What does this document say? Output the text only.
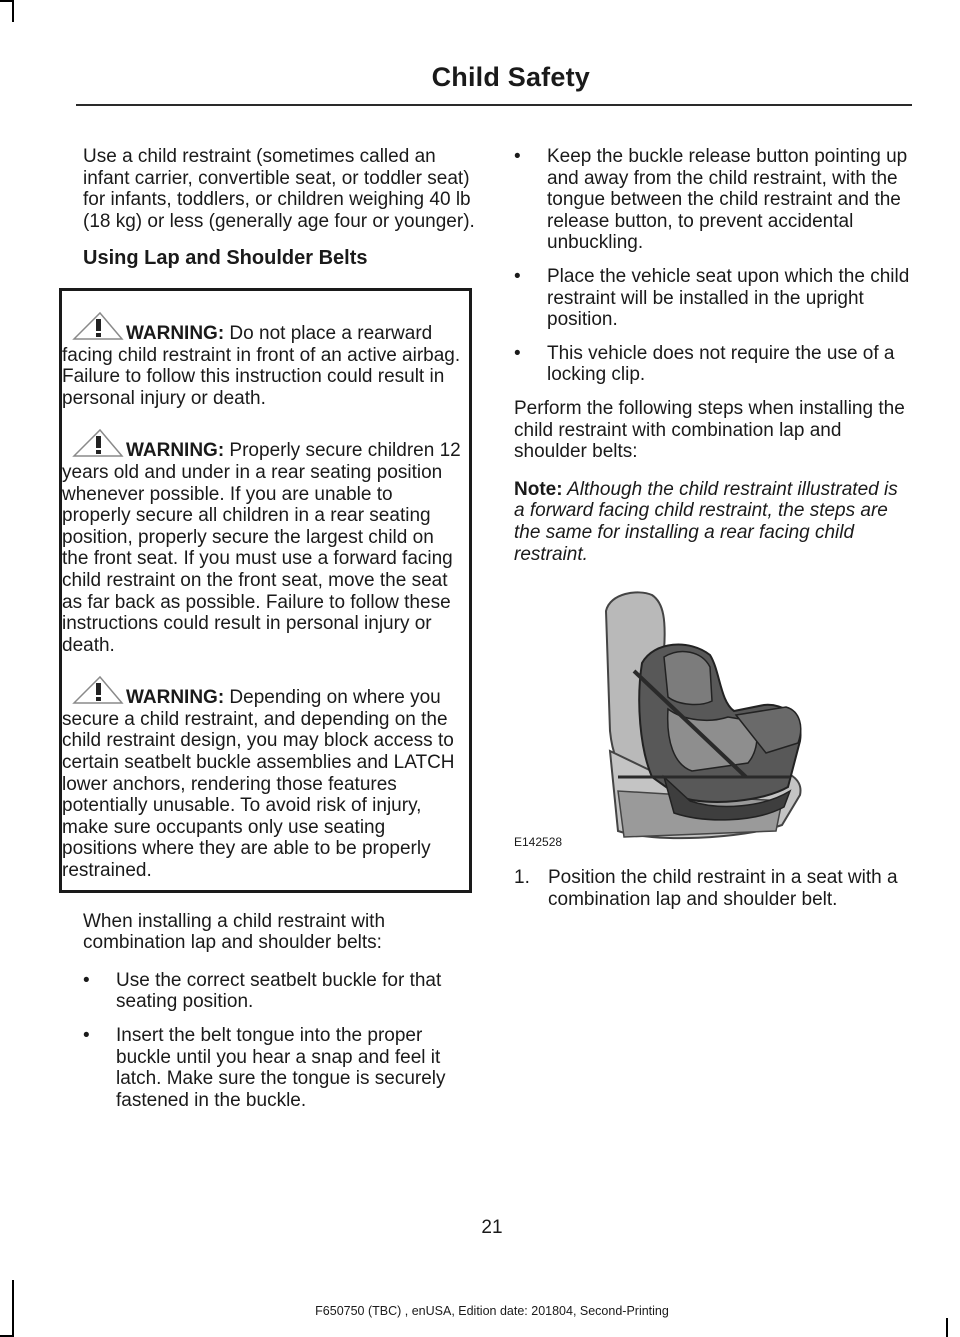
Child Safety

Use a child restraint (sometimes called an infant carrier, convertible seat, or toddler seat) for infants, toddlers, or children weighing 40 lb (18 kg) or less (generally age four or younger).

Using Lap and Shoulder Belts
WARNING: Do not place a rearward facing child restraint in front of an active airbag. Failure to follow this instruction could result in personal injury or death.
WARNING: Properly secure children 12 years old and under in a rear seating position whenever possible. If you are unable to properly secure all children in a rear seating position, properly secure the largest child on the front seat. If you must use a forward facing child restraint on the front seat, move the seat as far back as possible. Failure to follow these instructions could result in personal injury or death.
WARNING: Depending on where you secure a child restraint, and depending on the child restraint design, you may block access to certain seatbelt buckle assemblies and LATCH lower anchors, rendering those features potentially unusable. To avoid risk of injury, make sure occupants only use seating positions where they are able to be properly restrained.

When installing a child restraint with combination lap and shoulder belts:

• Use the correct seatbelt buckle for that seating position.
• Insert the belt tongue into the proper buckle until you hear a snap and feel it latch. Make sure the tongue is securely fastened in the buckle.
• Keep the buckle release button pointing up and away from the child restraint, with the tongue between the child restraint and the release button, to prevent accidental unbuckling.
• Place the vehicle seat upon which the child restraint will be installed in the upright position.
• This vehicle does not require the use of a locking clip.

Perform the following steps when installing the child restraint with combination lap and shoulder belts:

Note: Although the child restraint illustrated is a forward facing child restraint, the steps are the same for installing a rear facing child restraint.

E142528
1. Position the child restraint in a seat with a combination lap and shoulder belt.
21
F650750 (TBC) , enUSA, Edition date: 201804, Second-Printing
